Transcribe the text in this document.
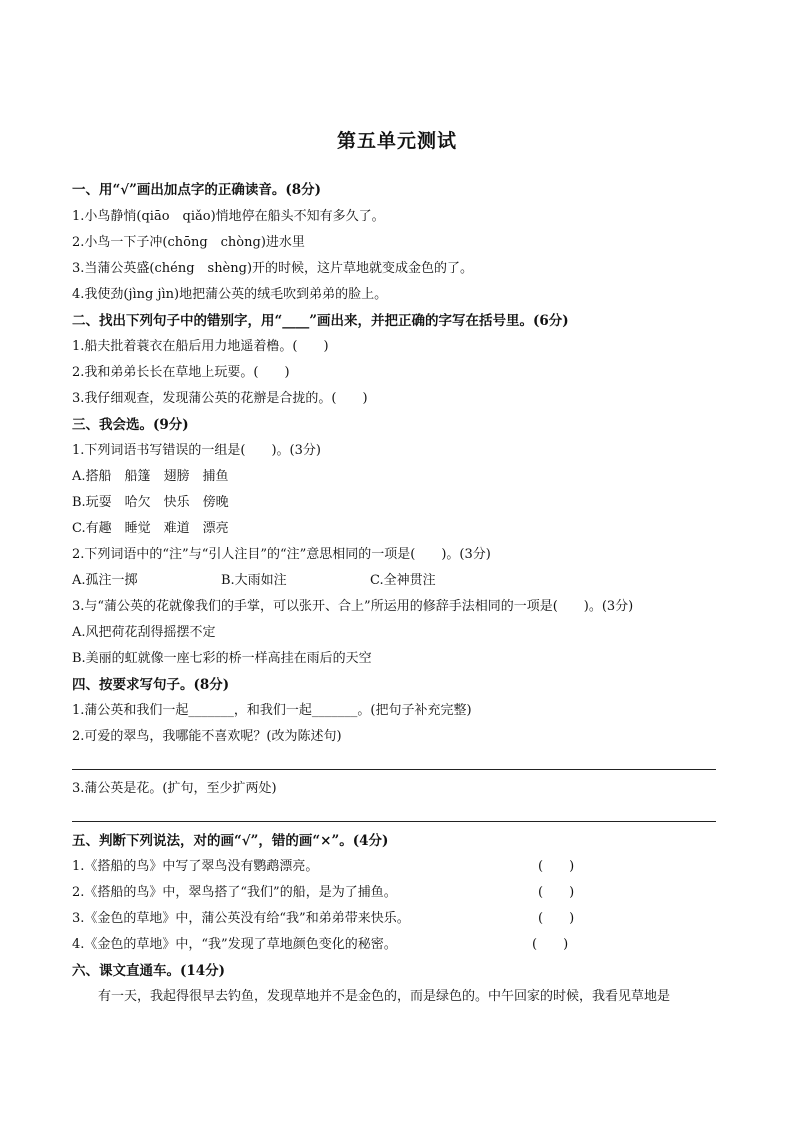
第五单元测试
一、用“√”画出加点字的正确读音。(8分)
1.小鸟静悄(qiāo　qiǎo)悄地停在船头不知有多久了。
2.小鸟一下子冲(chōng　chòng)进水里
3.当蒲公英盛(chéng　shèng)开的时候，这片草地就变成金色的了。
4.我使劲(jìng jìn)地把蒲公英的绒毛吹到弟弟的脸上。
二、找出下列句子中的错别字，用“____”画出来，并把正确的字写在括号里。(6分)
1.船夫批着蓑衣在船后用力地遥着橹。(　　)
2.我和弟弟长长在草地上玩要。(　　)
3.我仔细观查，发现蒲公英的花辦是合拢的。(　　)
三、我会选。(9分)
1.下列词语书写错误的一组是(　　)。(3分)
A.搭船　船篷　翅膀　捕鱼
B.玩耍　哈欠　快乐　傍晚
C.有趣　睡觉　难道　漂亮
2.下列词语中的“注”与“引人注目”的“注”意思相同的一项是(　　)。(3分)
A.孤注一掷	B.大雨如注	C.全神贯注
3.与“蒲公英的花就像我们的手掌，可以张开、合上”所运用的修辞手法相同的一项是(　　)。(3分)
A.风把荷花刮得摇摆不定
B.美丽的虹就像一座七彩的桥一样高挂在雨后的天空
四、按要求写句子。(8分)
1.蒲公英和我们一起_______，和我们一起_______。(把句子补充完整)
2.可爱的翠鸟，我哪能不喜欢呢？(改为陈述句)
3.蒲公英是花。(扩句，至少扩两处)
五、判断下列说法，对的画“√”，错的画“×”。(4分)
1.《搭船的鸟》中写了翠鸟没有鹦鹉漂亮。	(　　)
2.《搭船的鸟》中，翠鸟搭了“我们”的船，是为了捕鱼。	(　　)
3.《金色的草地》中，蒲公英没有给“我”和弟弟带来快乐。	(　　)
4.《金色的草地》中，“我”发现了草地颜色变化的秘密。	(　　)
六、课文直通车。(14分)
有一天，我起得很早去钓鱼，发现草地并不是金色的，而是绿色的。中午回家的时候，我看见草地是
